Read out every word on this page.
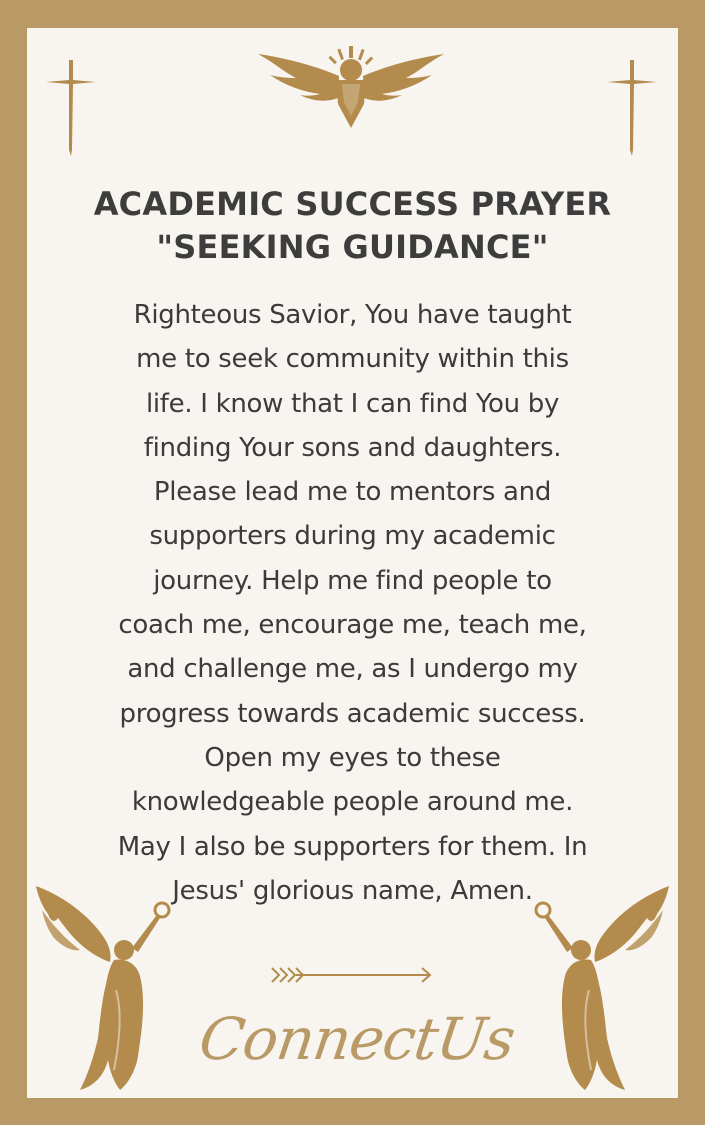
ACADEMIC SUCCESS PRAYER
"SEEKING GUIDANCE"
Righteous Savior, You have taught
me to seek community within this
life. I know that I can find You by
finding Your sons and daughters.
Please lead me to mentors and
supporters during my academic
journey. Help me find people to
coach me, encourage me, teach me,
and challenge me, as I undergo my
progress towards academic success.
Open my eyes to these
knowledgeable people around me.
May I also be supporters for them. In
Jesus' glorious name, Amen.
ConnectUs
